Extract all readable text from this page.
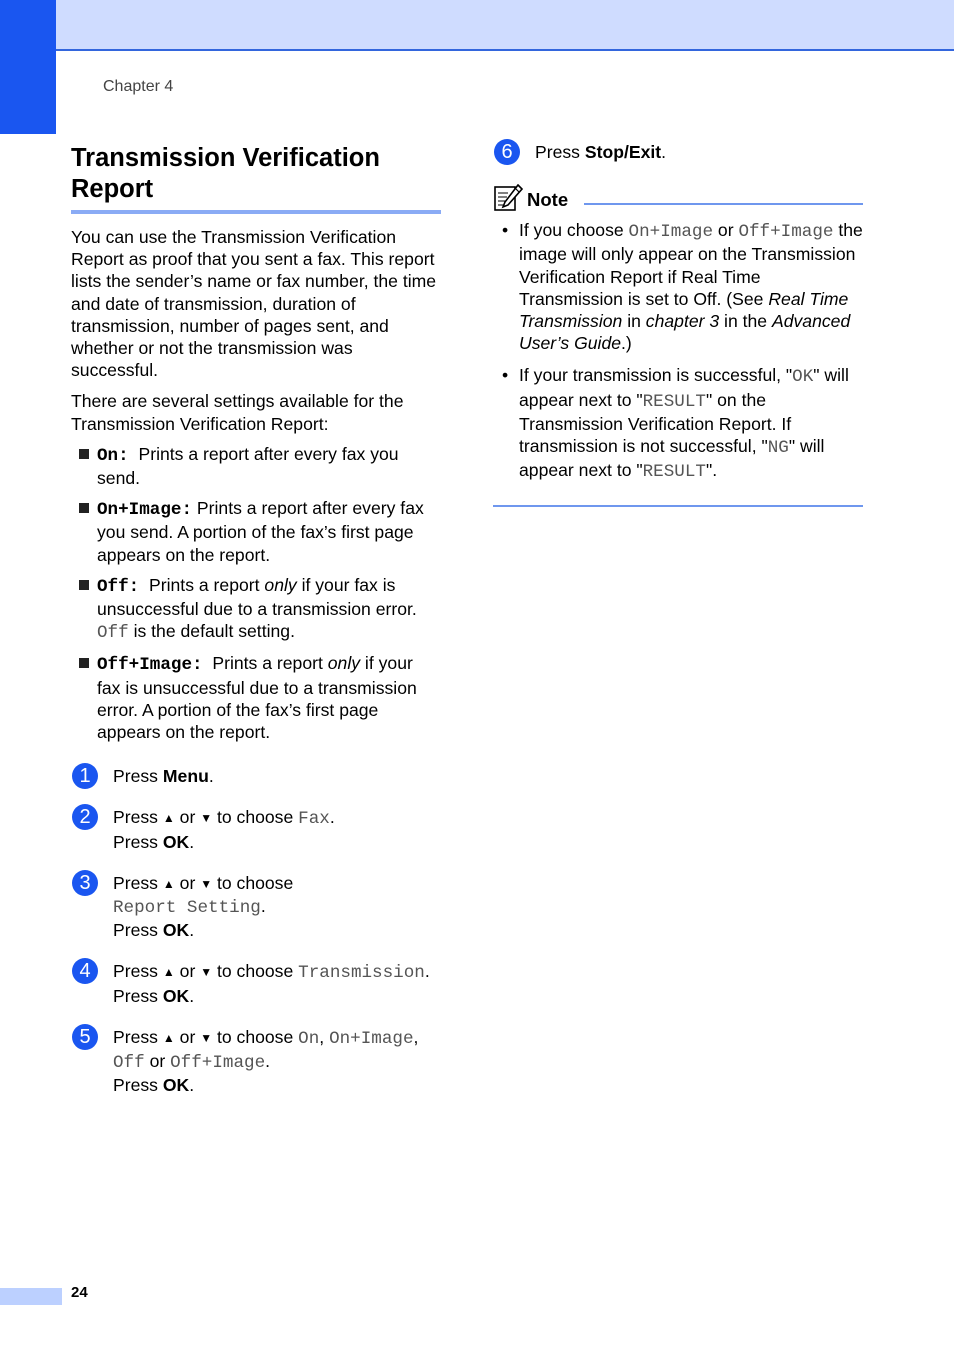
Chapter 4
Transmission Verification Report

You can use the Transmission Verification Report as proof that you sent a fax. This report lists the sender’s name or fax number, the time and date of transmission, duration of transmission, number of pages sent, and whether or not the transmission was successful.

There are several settings available for the Transmission Verification Report:

On: Prints a report after every fax you send.
On+Image: Prints a report after every fax you send. A portion of the fax’s first page appears on the report.
Off: Prints a report only if your fax is unsuccessful due to a transmission error. Off is the default setting.
Off+Image: Prints a report only if your fax is unsuccessful due to a transmission error. A portion of the fax’s first page appears on the report.
1	Press Menu.
2	Press ▲ or ▼ to choose Fax.
Press OK.
3	Press ▲ or ▼ to choose
Report Setting.
Press OK.
4	Press ▲ or ▼ to choose Transmission.
Press OK.
5	Press ▲ or ▼ to choose On, On+Image,
Off or Off+Image.
Press OK.
6	Press Stop/Exit.
Note
• If you choose On+Image or Off+Image the image will only appear on the Transmission Verification Report if Real Time Transmission is set to Off. (See Real Time Transmission in chapter 3 in the Advanced User’s Guide.)
• If your transmission is successful, "OK" will appear next to "RESULT" on the Transmission Verification Report. If transmission is not successful, "NG" will appear next to "RESULT".
24
